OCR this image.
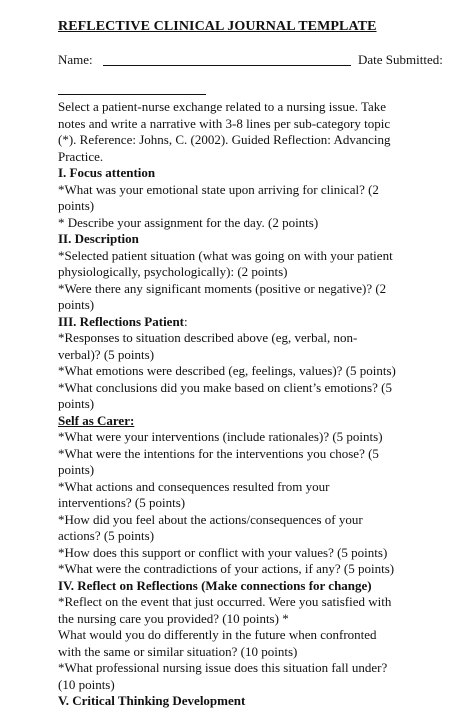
REFLECTIVE CLINICAL JOURNAL TEMPLATE
Name:	Date Submitted:
Select a patient-nurse exchange related to a nursing issue. Take
notes and write a narrative with 3-8 lines per sub-category topic
(*). Reference: Johns, C. (2002). Guided Reflection: Advancing
Practice.
I. Focus attention
*What was your emotional state upon arriving for clinical? (2
points)
* Describe your assignment for the day. (2 points)
II. Description
*Selected patient situation (what was going on with your patient
physiologically, psychologically): (2 points)
*Were there any significant moments (positive or negative)? (2
points)
III. Reflections Patient:
*Responses to situation described above (eg, verbal, non-
verbal)? (5 points)
*What emotions were described (eg, feelings, values)? (5 points)
*What conclusions did you make based on client’s emotions? (5
points)
Self as Carer:
*What were your interventions (include rationales)? (5 points)
*What were the intentions for the interventions you chose? (5
points)
*What actions and consequences resulted from your
interventions? (5 points)
*How did you feel about the actions/consequences of your
actions? (5 points)
*How does this support or conflict with your values? (5 points)
*What were the contradictions of your actions, if any? (5 points)
IV. Reflect on Reflections (Make connections for change)
*Reflect on the event that just occurred. Were you satisfied with
the nursing care you provided? (10 points) *
What would you do differently in the future when confronted
with the same or similar situation? (10 points)
*What professional nursing issue does this situation fall under?
(10 points)
V. Critical Thinking Development
